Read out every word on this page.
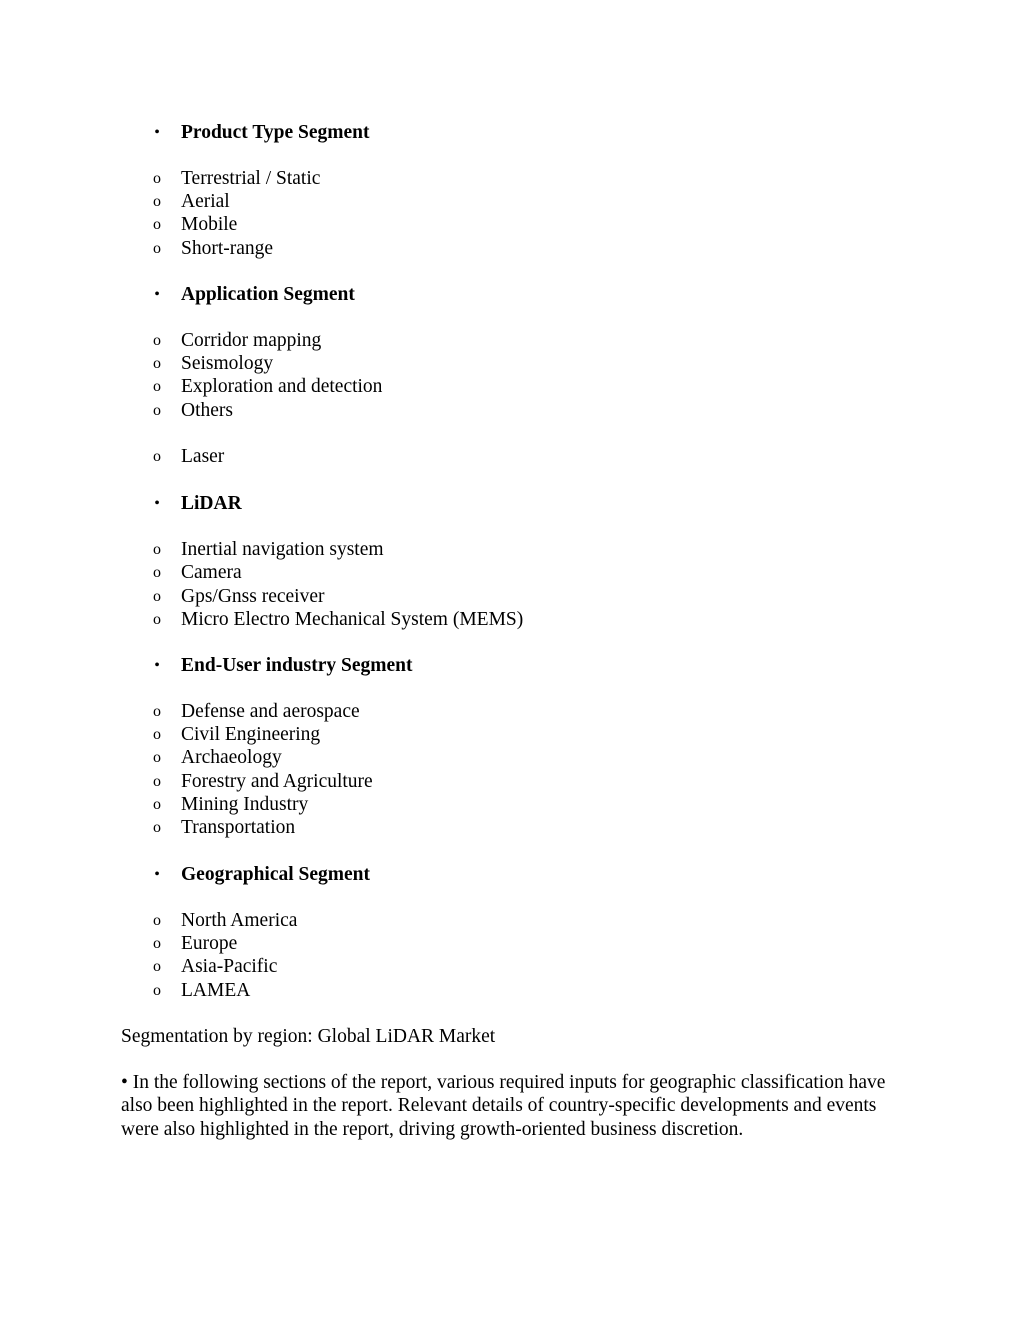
• Product Type Segment
o Terrestrial / Static
o Aerial
o Mobile
o Short-range
• Application Segment
o Corridor mapping
o Seismology
o Exploration and detection
o Others
o Laser
• LiDAR
o Inertial navigation system
o Camera
o Gps/Gnss receiver
o Micro Electro Mechanical System (MEMS)
• End-User industry Segment
o Defense and aerospace
o Civil Engineering
o Archaeology
o Forestry and Agriculture
o Mining Industry
o Transportation
• Geographical Segment
o North America
o Europe
o Asia-Pacific
o LAMEA
Segmentation by region: Global LiDAR Market
• In the following sections of the report, various required inputs for geographic classification have also been highlighted in the report. Relevant details of country-specific developments and events were also highlighted in the report, driving growth-oriented business discretion.
